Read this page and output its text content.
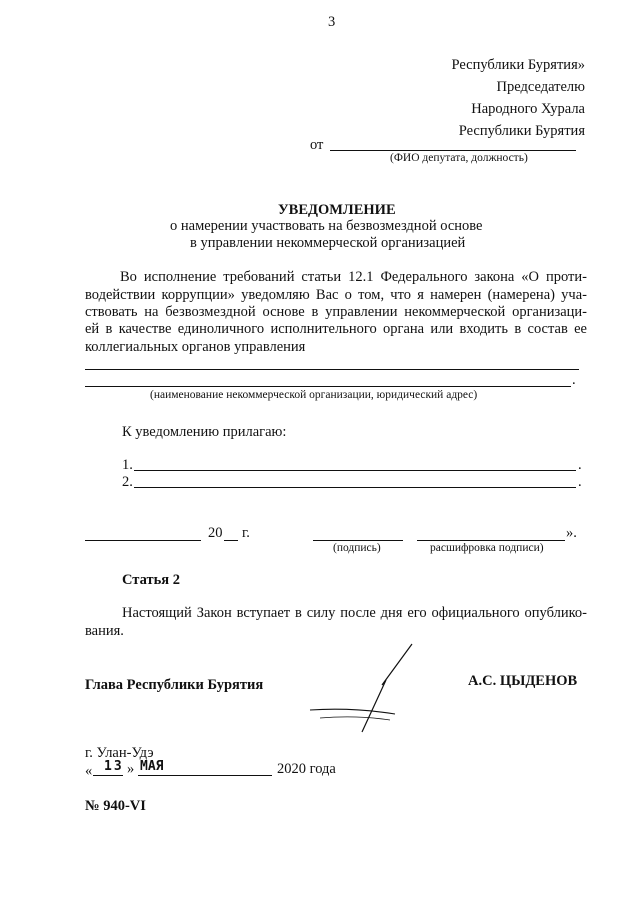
3
Республики Бурятия»
Председателю
Народного Хурала
Республики Бурятия
от
(ФИО депутата, должность)
УВЕДОМЛЕНИЕ
о намерении участвовать на безвозмездной основе
в управлении некоммерческой организацией
Во исполнение требований статьи 12.1 Федерального закона «О проти-
водействии коррупции» уведомляю Вас о том, что я намерен (намерена) уча-
ствовать на безвозмездной основе в управлении некоммерческой организаци-
ей в качестве единоличного исполнительного органа или входить в состав ее
коллегиальных органов управления
.
(наименование некоммерческой организации, юридический адрес)
К уведомлению прилагаю:
1.	.
2.	.
20 г.	».
(подпись)	расшифровка подписи)
Статья 2
Настоящий Закон вступает в силу после дня его официального опублико-
вания.
Глава Республики Бурятия	А.С. ЦЫДЕНОВ
г. Улан-Удэ
« 13 » МАЯ	2020 года
№ 940-VI
